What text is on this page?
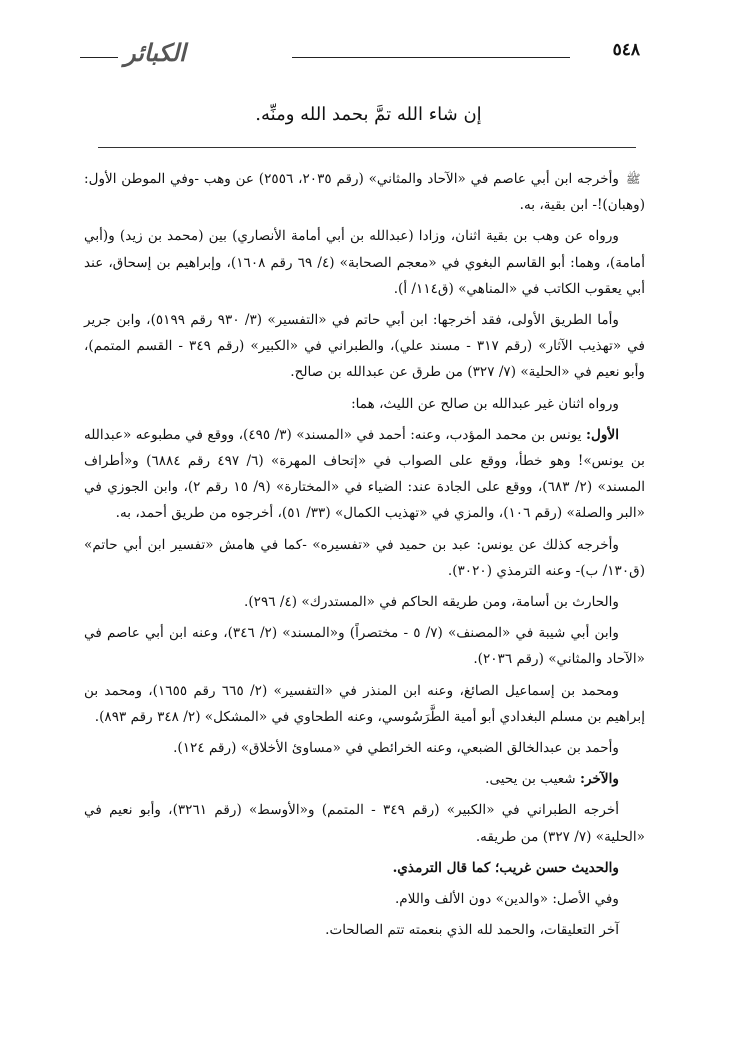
الكبائر	٥٤٨
إن شاء الله تمَّ بحمد الله ومنِّه.
ﷺ

وأخرجه ابن أبي عاصم في «الآحاد والمثاني» (رقم ٢٠٣٥، ٢٥٥٦) عن وهب -وفي الموطن الأول: (وهبان)!- ابن بقية، به.

ورواه عن وهب بن بقية اثنان، وزادا (عبدالله بن أبي أمامة الأنصاري) بين (محمد بن زيد) و(أبي أمامة)، وهما: أبو القاسم البغوي في «معجم الصحابة» (٤/ ٦٩ رقم ١٦٠٨)، وإبراهيم بن إسحاق، عند أبي يعقوب الكاتب في «المناهي» (ق١١٤/ أ).

وأما الطريق الأولى، فقد أخرجها: ابن أبي حاتم في «التفسير» (٣/ ٩٣٠ رقم ٥١٩٩)، وابن جرير في «تهذيب الآثار» (رقم ٣١٧ - مسند علي)، والطبراني في «الكبير» (رقم ٣٤٩ - القسم المتمم)، وأبو نعيم في «الحلية» (٧/ ٣٢٧) من طرق عن عبدالله بن صالح.

ورواه اثنان غير عبدالله بن صالح عن الليث، هما:

الأول: يونس بن محمد المؤدب، وعنه: أحمد في «المسند» (٣/ ٤٩٥)، ووقع في مطبوعه «عبدالله بن يونس»! وهو خطأ، ووقع على الصواب في «إتحاف المهرة» (٦/ ٤٩٧ رقم ٦٨٨٤) و«أطراف المسند» (٢/ ٦٨٣)، ووقع على الجادة عند: الضياء في «المختارة» (٩/ ١٥ رقم ٢)، وابن الجوزي في «البر والصلة» (رقم ١٠٦)، والمزي في «تهذيب الكمال» (٣٣/ ٥١)، أخرجوه من طريق أحمد، به.

وأخرجه كذلك عن يونس: عبد بن حميد في «تفسيره» -كما في هامش «تفسير ابن أبي حاتم» (ق١٣٠/ ب)- وعنه الترمذي (٣٠٢٠).

والحارث بن أسامة، ومن طريقه الحاكم في «المستدرك» (٤/ ٢٩٦).

وابن أبي شيبة في «المصنف» (٧/ ٥ - مختصراً) و«المسند» (٢/ ٣٤٦)، وعنه ابن أبي عاصم في «الآحاد والمثاني» (رقم ٢٠٣٦).

ومحمد بن إسماعيل الصائغ، وعنه ابن المنذر في «التفسير» (٢/ ٦٦٥ رقم ١٦٥٥)، ومحمد بن إبراهيم بن مسلم البغدادي أبو أمية الطَّرَسُوسي، وعنه الطحاوي في «المشكل» (٢/ ٣٤٨ رقم ٨٩٣).

وأحمد بن عبدالخالق الضبعي، وعنه الخرائطي في «مساوئ الأخلاق» (رقم ١٢٤).

والآخر: شعيب بن يحيى.

أخرجه الطبراني في «الكبير» (رقم ٣٤٩ - المتمم) و«الأوسط» (رقم ٣٢٦١)، وأبو نعيم في «الحلية» (٧/ ٣٢٧) من طريقه.

والحديث حسن غريب؛ كما قال الترمذي.

وفي الأصل: «والدين» دون الألف واللام.

آخر التعليقات، والحمد لله الذي بنعمته تتم الصالحات.
